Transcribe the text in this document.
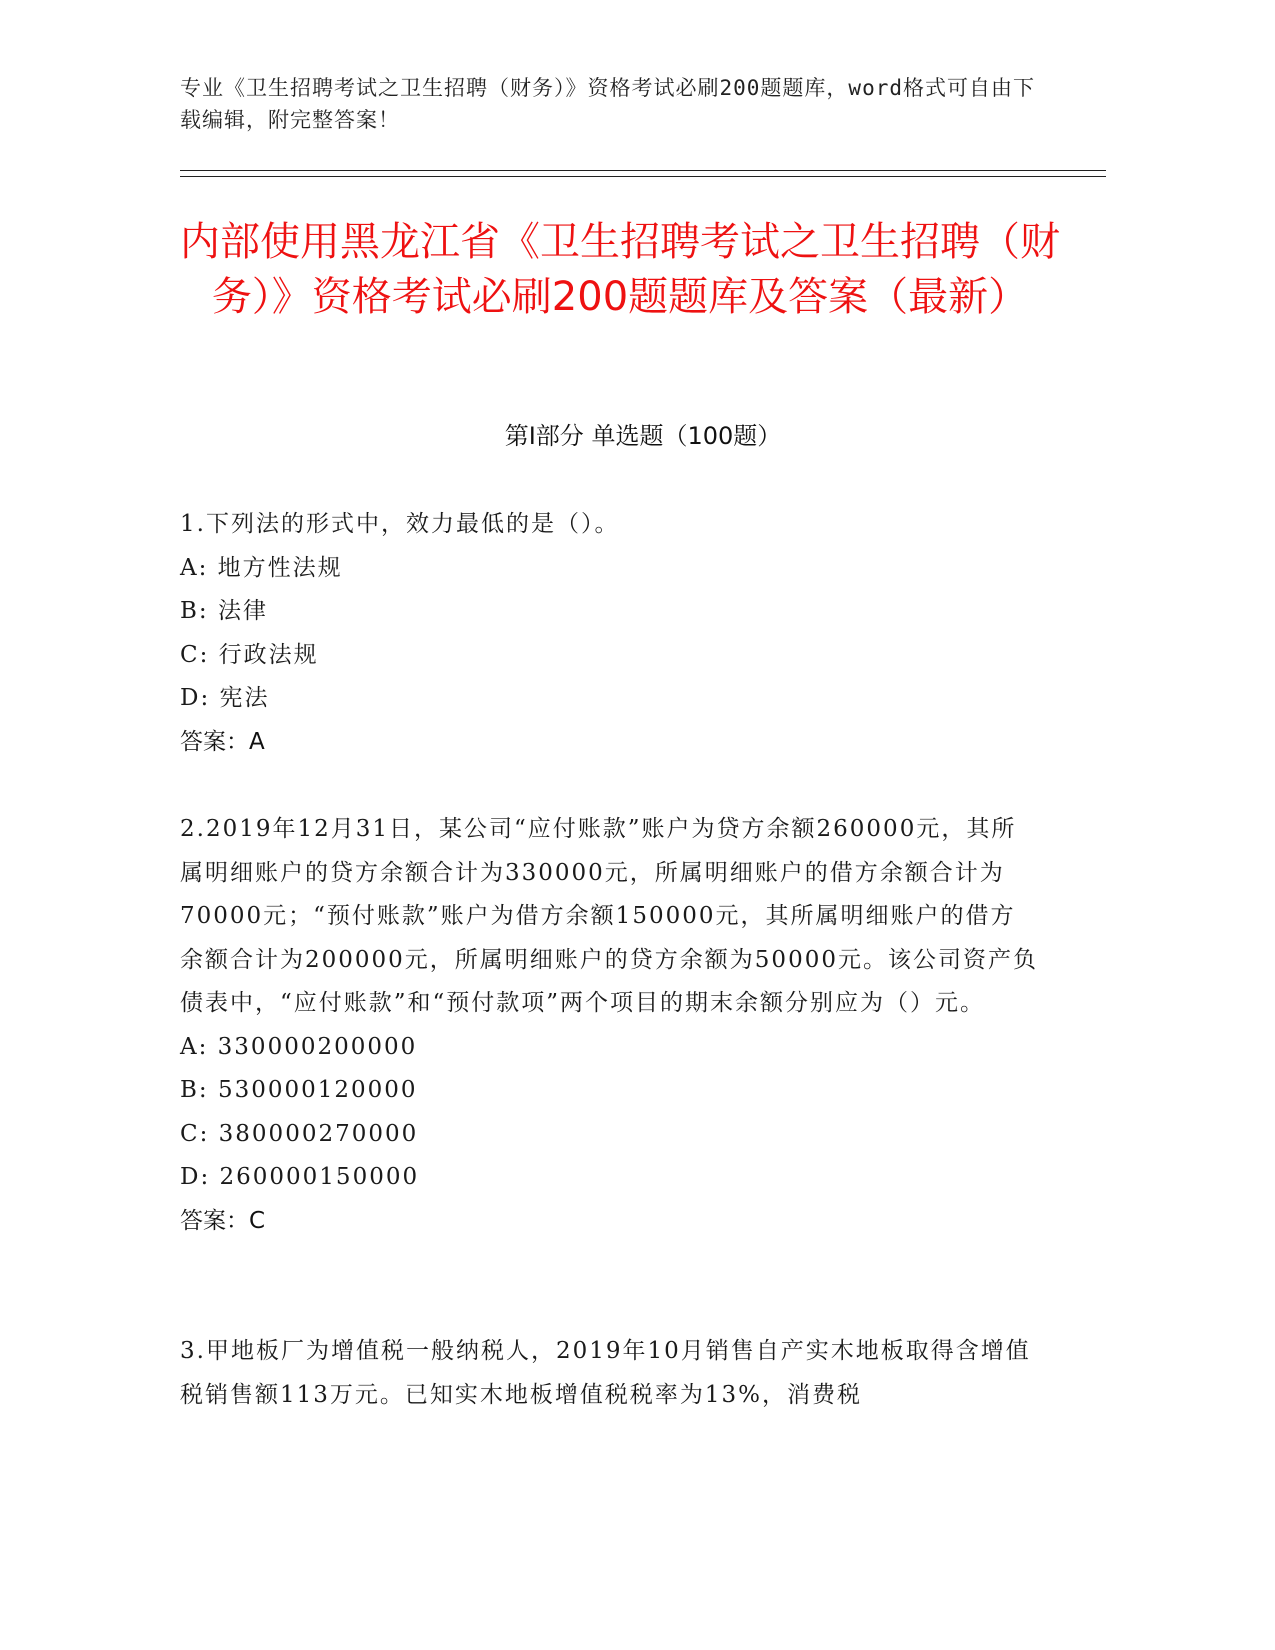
专业《卫生招聘考试之卫生招聘（财务）》资格考试必刷200题题库，word格式可自由下载编辑，附完整答案！
内部使用黑龙江省《卫生招聘考试之卫生招聘（财务）》资格考试必刷200题题库及答案（最新）
第I部分 单选题（100题）
1.下列法的形式中，效力最低的是（）。
A: 地方性法规
B: 法律
C: 行政法规
D: 宪法
答案：A
2.2019年12月31日，某公司“应付账款”账户为贷方余额260000元，其所属明细账户的贷方余额合计为330000元，所属明细账户的借方余额合计为70000元；“预付账款”账户为借方余额150000元，其所属明细账户的借方余额合计为200000元，所属明细账户的贷方余额为50000元。该公司资产负债表中，“应付账款”和“预付款项”两个项目的期末余额分别应为（）元。
A: 330000200000
B: 530000120000
C: 380000270000
D: 260000150000
答案：C
3.甲地板厂为增值税一般纳税人，2019年10月销售自产实木地板取得含增值税销售额113万元。已知实木地板增值税税率为13%，消费税
